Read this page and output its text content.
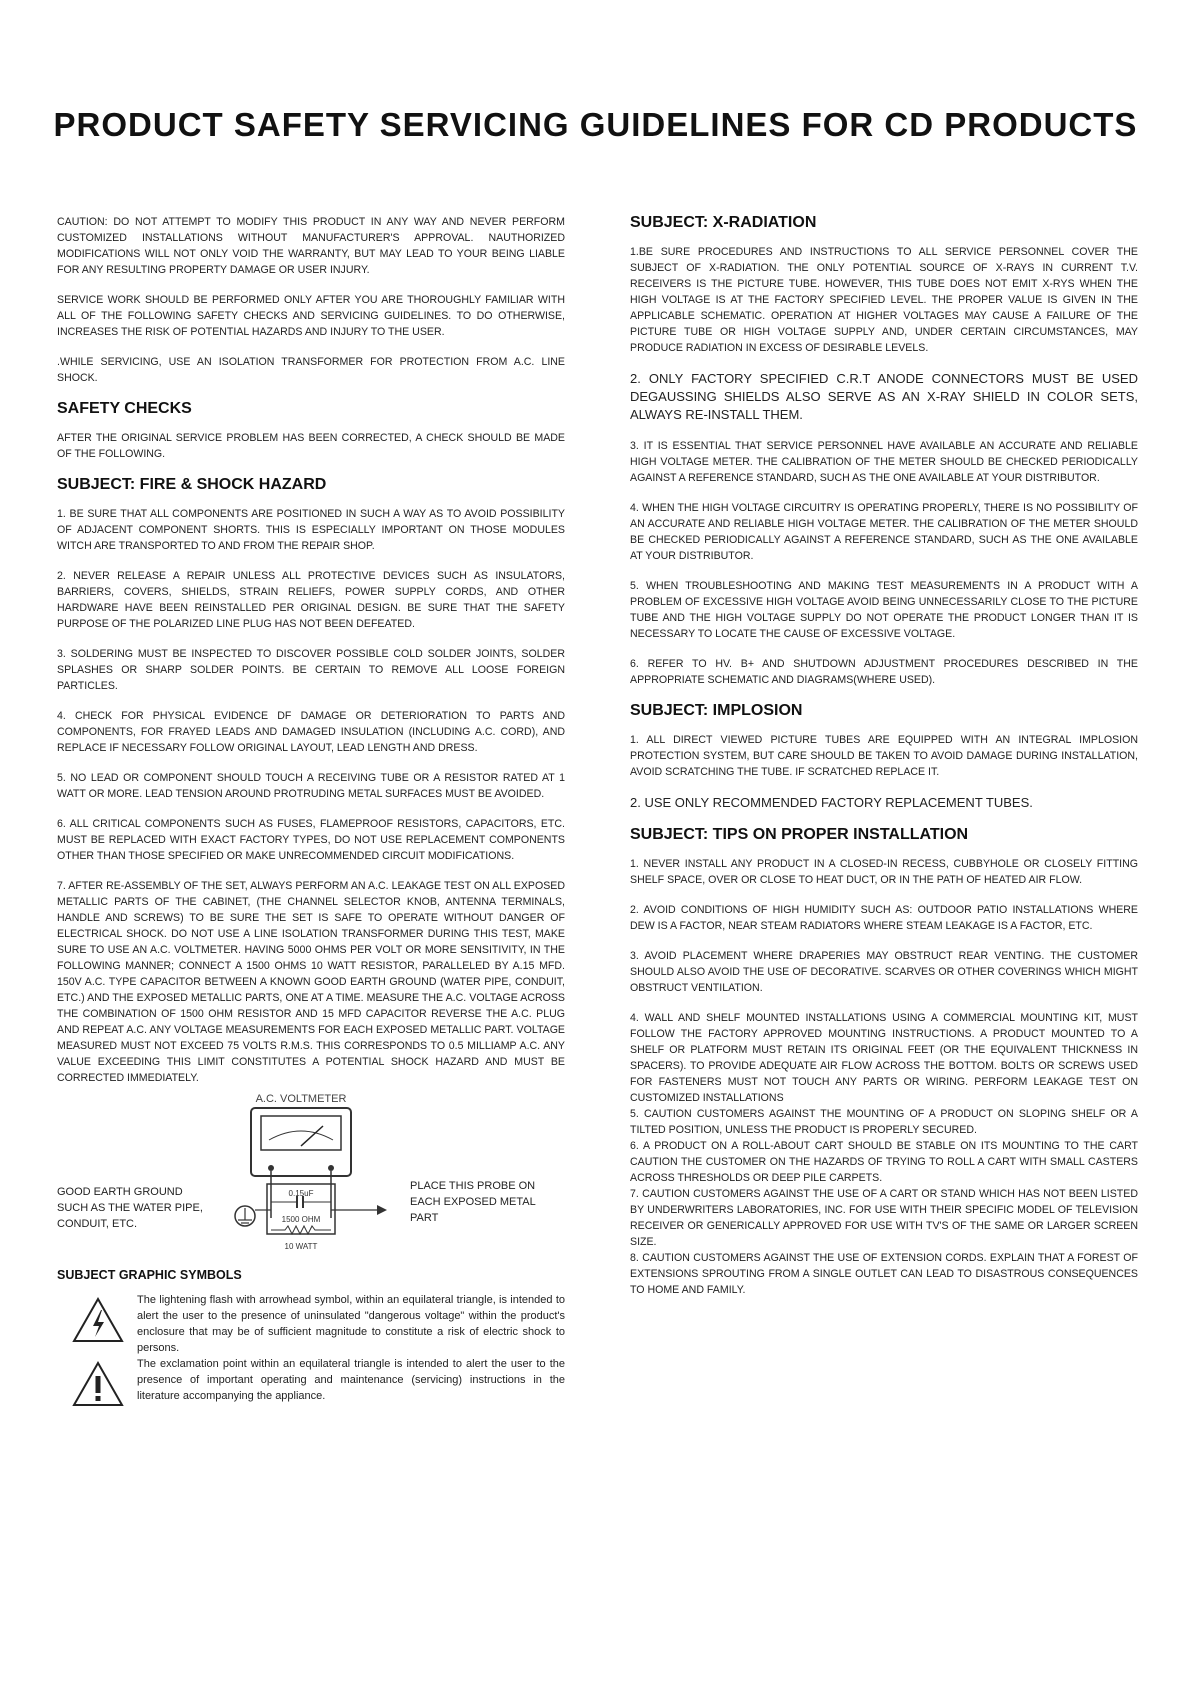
PRODUCT SAFETY SERVICING GUIDELINES FOR CD PRODUCTS

CAUTION: DO NOT ATTEMPT TO MODIFY THIS PRODUCT IN ANY WAY AND NEVER PERFORM CUSTOMIZED INSTALLATIONS WITHOUT MANUFACTURER'S APPROVAL. NAUTHORIZED MODIFICATIONS WILL NOT ONLY VOID THE WARRANTY, BUT MAY LEAD TO YOUR BEING LIABLE FOR ANY RESULTING PROPERTY DAMAGE OR USER INJURY.

SERVICE WORK SHOULD BE PERFORMED ONLY AFTER YOU ARE THOROUGHLY FAMILIAR WITH ALL OF THE FOLLOWING SAFETY CHECKS AND SERVICING GUIDELINES. TO DO OTHERWISE, INCREASES THE RISK OF POTENTIAL HAZARDS AND INJURY TO THE USER.

.WHILE SERVICING, USE AN ISOLATION TRANSFORMER FOR PROTECTION FROM A.C. LINE SHOCK.

SAFETY CHECKS

AFTER THE ORIGINAL SERVICE PROBLEM HAS BEEN CORRECTED, A CHECK SHOULD BE MADE OF THE FOLLOWING.

SUBJECT: FIRE & SHOCK HAZARD

1. BE SURE THAT ALL COMPONENTS ARE POSITIONED IN SUCH A WAY AS TO AVOID POSSIBILITY OF ADJACENT COMPONENT SHORTS. THIS IS ESPECIALLY IMPORTANT ON THOSE MODULES WITCH ARE TRANSPORTED TO AND FROM THE REPAIR SHOP.

2. NEVER RELEASE A REPAIR UNLESS ALL PROTECTIVE DEVICES SUCH AS INSULATORS, BARRIERS, COVERS, SHIELDS, STRAIN RELIEFS, POWER SUPPLY CORDS, AND OTHER HARDWARE HAVE BEEN REINSTALLED PER ORIGINAL DESIGN. BE SURE THAT THE SAFETY PURPOSE OF THE POLARIZED LINE PLUG HAS NOT BEEN DEFEATED.

3. SOLDERING MUST BE INSPECTED TO DISCOVER POSSIBLE COLD SOLDER JOINTS, SOLDER SPLASHES OR SHARP SOLDER POINTS. BE CERTAIN TO REMOVE ALL LOOSE FOREIGN PARTICLES.

4. CHECK FOR PHYSICAL EVIDENCE DF DAMAGE OR DETERIORATION TO PARTS AND COMPONENTS, FOR FRAYED LEADS AND DAMAGED INSULATION (INCLUDING A.C. CORD), AND REPLACE IF NECESSARY FOLLOW ORIGINAL LAYOUT, LEAD LENGTH AND DRESS.

5. NO LEAD OR COMPONENT SHOULD TOUCH A RECEIVING TUBE OR A RESISTOR RATED AT 1 WATT OR MORE. LEAD TENSION AROUND PROTRUDING METAL SURFACES MUST BE AVOIDED.

6. ALL CRITICAL COMPONENTS SUCH AS FUSES, FLAMEPROOF RESISTORS, CAPACITORS, ETC. MUST BE REPLACED WITH EXACT FACTORY TYPES, DO NOT USE REPLACEMENT COMPONENTS OTHER THAN THOSE SPECIFIED OR MAKE UNRECOMMENDED CIRCUIT MODIFICATIONS.

7. AFTER RE-ASSEMBLY OF THE SET, ALWAYS PERFORM AN A.C. LEAKAGE TEST ON ALL EXPOSED METALLIC PARTS OF THE CABINET, (THE CHANNEL SELECTOR KNOB, ANTENNA TERMINALS, HANDLE AND SCREWS) TO BE SURE THE SET IS SAFE TO OPERATE WITHOUT DANGER OF ELECTRICAL SHOCK. DO NOT USE A LINE ISOLATION TRANSFORMER DURING THIS TEST, MAKE SURE TO USE AN A.C. VOLTMETER. HAVING 5000 OHMS PER VOLT OR MORE SENSITIVITY, IN THE FOLLOWING MANNER; CONNECT A 1500 OHMS 10 WATT RESISTOR, PARALLELED BY A.15 MFD. 150V A.C. TYPE CAPACITOR BETWEEN A KNOWN GOOD EARTH GROUND (WATER PIPE, CONDUIT, ETC.) AND THE EXPOSED METALLIC PARTS, ONE AT A TIME. MEASURE THE A.C. VOLTAGE ACROSS THE COMBINATION OF 1500 OHM RESISTOR AND 15 MFD CAPACITOR REVERSE THE A.C. PLUG AND REPEAT A.C. ANY VOLTAGE MEASUREMENTS FOR EACH EXPOSED METALLIC PART. VOLTAGE MEASURED MUST NOT EXCEED 75 VOLTS R.M.S. THIS CORRESPONDS TO 0.5 MILLIAMP A.C. ANY VALUE EXCEEDING THIS LIMIT CONSTITUTES A POTENTIAL SHOCK HAZARD AND MUST BE CORRECTED IMMEDIATELY.

GOOD EARTH GROUND SUCH AS THE WATER PIPE, CONDUIT, ETC.
A.C. VOLTMETER
0.15uF
1500 OHM
10 WATT
PLACE THIS PROBE ON EACH EXPOSED METAL PART
SUBJECT GRAPHIC SYMBOLS

The lightening flash with arrowhead symbol, within an equilateral triangle, is intended to alert the user to the presence of uninsulated "dangerous voltage" within the product's enclosure that may be of sufficient magnitude to constitute a risk of electric shock to persons.

The exclamation point within an equilateral triangle is intended to alert the user to the presence of important operating and maintenance (servicing) instructions in the literature accompanying the appliance.

SUBJECT: X-RADIATION

1.BE SURE PROCEDURES AND INSTRUCTIONS TO ALL SERVICE PERSONNEL COVER THE SUBJECT OF X-RADIATION. THE ONLY POTENTIAL SOURCE OF X-RAYS IN CURRENT T.V. RECEIVERS IS THE PICTURE TUBE. HOWEVER, THIS TUBE DOES NOT EMIT X-RYS WHEN THE HIGH VOLTAGE IS AT THE FACTORY SPECIFIED LEVEL. THE PROPER VALUE IS GIVEN IN THE APPLICABLE SCHEMATIC. OPERATION AT HIGHER VOLTAGES MAY CAUSE A FAILURE OF THE PICTURE TUBE OR HIGH VOLTAGE SUPPLY AND, UNDER CERTAIN CIRCUMSTANCES, MAY PRODUCE RADIATION IN EXCESS OF DESIRABLE LEVELS.

2. ONLY FACTORY SPECIFIED C.R.T ANODE CONNECTORS MUST BE USED DEGAUSSING SHIELDS ALSO SERVE AS AN X-RAY SHIELD IN COLOR SETS, ALWAYS RE-INSTALL THEM.

3. IT IS ESSENTIAL THAT SERVICE PERSONNEL HAVE AVAILABLE AN ACCURATE AND RELIABLE HIGH VOLTAGE METER. THE CALIBRATION OF THE METER SHOULD BE CHECKED PERIODICALLY AGAINST A REFERENCE STANDARD, SUCH AS THE ONE AVAILABLE AT YOUR DISTRIBUTOR.

4. WHEN THE HIGH VOLTAGE CIRCUITRY IS OPERATING PROPERLY, THERE IS NO POSSIBILITY OF AN ACCURATE AND RELIABLE HIGH VOLTAGE METER. THE CALIBRATION OF THE METER SHOULD BE CHECKED PERIODICALLY AGAINST A REFERENCE STANDARD, SUCH AS THE ONE AVAILABLE AT YOUR DISTRIBUTOR.

5. WHEN TROUBLESHOOTING AND MAKING TEST MEASUREMENTS IN A PRODUCT WITH A PROBLEM OF EXCESSIVE HIGH VOLTAGE AVOID BEING UNNECESSARILY CLOSE TO THE PICTURE TUBE AND THE HIGH VOLTAGE SUPPLY DO NOT OPERATE THE PRODUCT LONGER THAN IT IS NECESSARY TO LOCATE THE CAUSE OF EXCESSIVE VOLTAGE.

6. REFER TO HV. B+ AND SHUTDOWN ADJUSTMENT PROCEDURES DESCRIBED IN THE APPROPRIATE SCHEMATIC AND DIAGRAMS(WHERE USED).

SUBJECT: IMPLOSION

1. ALL DIRECT VIEWED PICTURE TUBES ARE EQUIPPED WITH AN INTEGRAL IMPLOSION PROTECTION SYSTEM, BUT CARE SHOULD BE TAKEN TO AVOID DAMAGE DURING INSTALLATION, AVOID SCRATCHING THE TUBE. IF SCRATCHED REPLACE IT.

2. USE ONLY RECOMMENDED FACTORY REPLACEMENT TUBES.

SUBJECT: TIPS ON PROPER INSTALLATION

1. NEVER INSTALL ANY PRODUCT IN A CLOSED-IN RECESS, CUBBYHOLE OR CLOSELY FITTING SHELF SPACE, OVER OR CLOSE TO HEAT DUCT, OR IN THE PATH OF HEATED AIR FLOW.

2. AVOID CONDITIONS OF HIGH HUMIDITY SUCH AS: OUTDOOR PATIO INSTALLATIONS WHERE DEW IS A FACTOR, NEAR STEAM RADIATORS WHERE STEAM LEAKAGE IS A FACTOR, ETC.

3. AVOID PLACEMENT WHERE DRAPERIES MAY OBSTRUCT REAR VENTING. THE CUSTOMER SHOULD ALSO AVOID THE USE OF DECORATIVE. SCARVES OR OTHER COVERINGS WHICH MIGHT OBSTRUCT VENTILATION.

4. WALL AND SHELF MOUNTED INSTALLATIONS USING A COMMERCIAL MOUNTING KIT, MUST FOLLOW THE FACTORY APPROVED MOUNTING INSTRUCTIONS. A PRODUCT MOUNTED TO A SHELF OR PLATFORM MUST RETAIN ITS ORIGINAL FEET (OR THE EQUIVALENT THICKNESS IN SPACERS). TO PROVIDE ADEQUATE AIR FLOW ACROSS THE BOTTOM. BOLTS OR SCREWS USED FOR FASTENERS MUST NOT TOUCH ANY PARTS OR WIRING. PERFORM LEAKAGE TEST ON CUSTOMIZED INSTALLATIONS

5. CAUTION CUSTOMERS AGAINST THE MOUNTING OF A PRODUCT ON SLOPING SHELF OR A TILTED POSITION, UNLESS THE PRODUCT IS PROPERLY SECURED.

6. A PRODUCT ON A ROLL-ABOUT CART SHOULD BE STABLE ON ITS MOUNTING TO THE CART CAUTION THE CUSTOMER ON THE HAZARDS OF TRYING TO ROLL A CART WITH SMALL CASTERS ACROSS THRESHOLDS OR DEEP PILE CARPETS.

7. CAUTION CUSTOMERS AGAINST THE USE OF A CART OR STAND WHICH HAS NOT BEEN LISTED BY UNDERWRITERS LABORATORIES, INC. FOR USE WITH THEIR SPECIFIC MODEL OF TELEVISION RECEIVER OR GENERICALLY APPROVED FOR USE WITH TV'S OF THE SAME OR LARGER SCREEN SIZE.

8. CAUTION CUSTOMERS AGAINST THE USE OF EXTENSION CORDS. EXPLAIN THAT A FOREST OF EXTENSIONS SPROUTING FROM A SINGLE OUTLET CAN LEAD TO DISASTROUS CONSEQUENCES TO HOME AND FAMILY.
